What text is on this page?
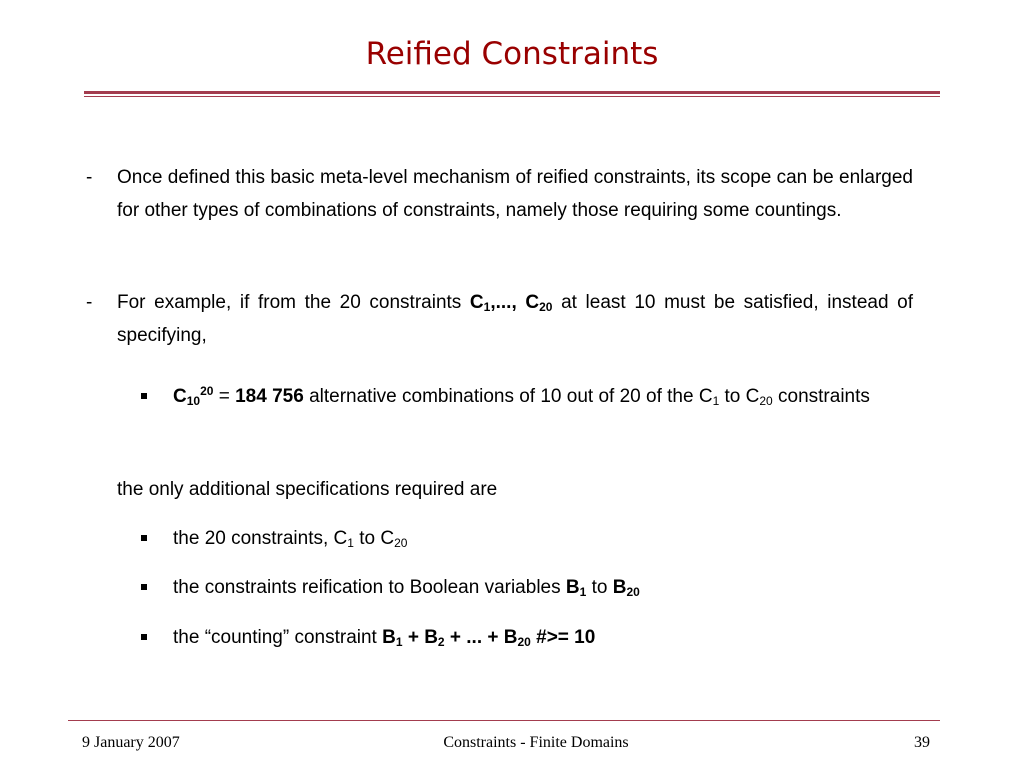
Reified Constraints
- Once defined this basic meta-level mechanism of reified constraints, its scope can be enlarged for other types of combinations of constraints, namely those requiring some countings.
- For example, if from the 20 constraints $C_1$,..., $C_{20}$ at least 10 must be satisfied, instead of specifying,
$C_{10}^{20} = 184$ 756 alternative combinations of 10 out of 20 of the $C_1$ to $C_{20}$ constraints
the only additional specifications required are
the 20 constraints, $C_1$ to $C_{20}$
the constraints reification to Boolean variables $B_1$ to $B_{20}$
the “counting” constraint $B_1 + B_2$ + ... + $B_{20}$ #>= 10
9 January 2007	Constraints - Finite Domains	39
